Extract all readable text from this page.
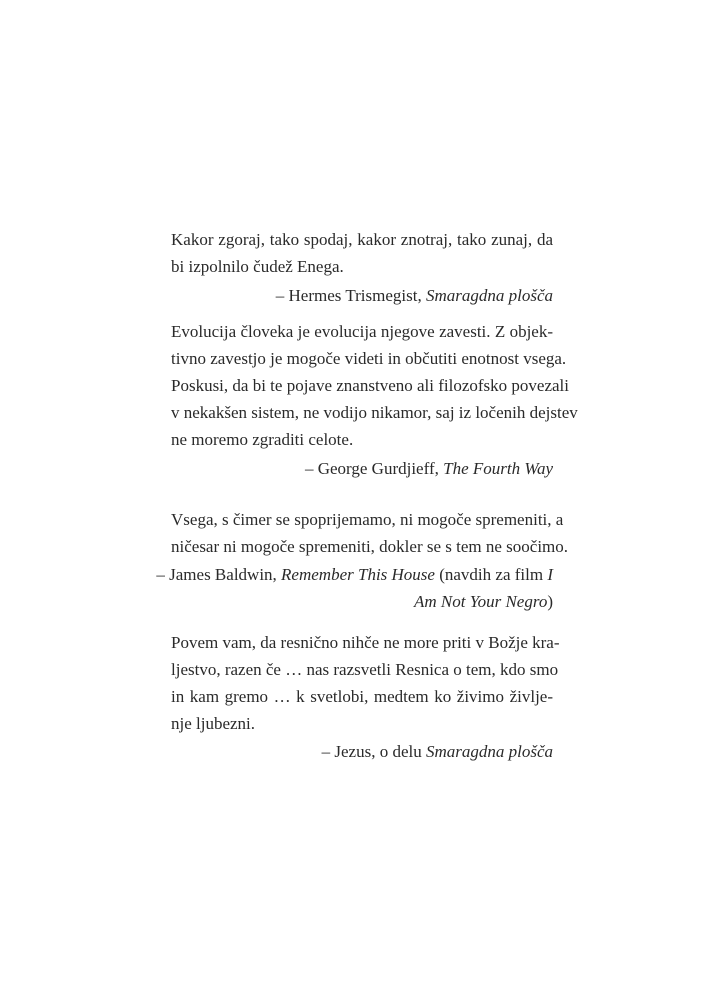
Kakor zgoraj, tako spodaj, kakor znotraj, tako zunaj, da
bi izpolnilo čudež Enega.
– Hermes Trismegist, Smaragdna plošča
Evolucija človeka je evolucija njegove zavesti. Z objek-
tivno zavestjo je mogoče videti in občutiti enotnost vsega.
Poskusi, da bi te pojave znanstveno ali filozofsko povezali
v nekakšen sistem, ne vodijo nikamor, saj iz ločenih dejstev
ne moremo zgraditi celote.
– George Gurdjieff, The Fourth Way
Vsega, s čimer se spoprijemamo, ni mogoče spremeniti, a
ničesar ni mogoče spremeniti, dokler se s tem ne soočimo.
– James Baldwin, Remember This House (navdih za film I
Am Not Your Negro)
Povem vam, da resnično nihče ne more priti v Božje kra-
ljestvo, razen če … nas razsvetli Resnica o tem, kdo smo
in kam gremo … k svetlobi, medtem ko živimo življe-
nje ljubezni.
– Jezus, o delu Smaragdna plošča
